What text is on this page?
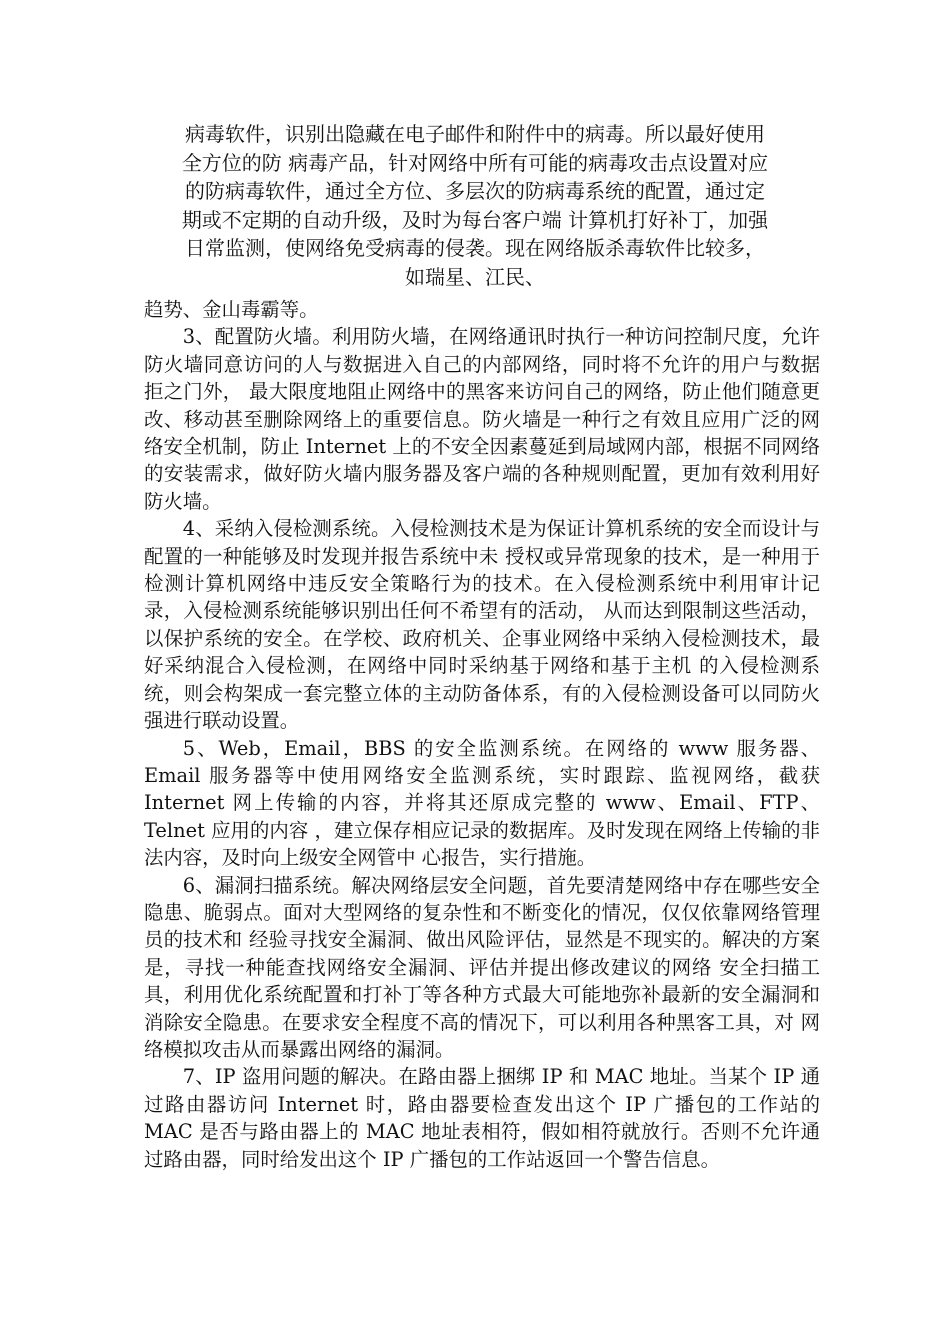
病毒软件，识别出隐藏在电子邮件和附件中的病毒。所以最好使用
全方位的防 病毒产品，针对网络中所有可能的病毒攻击点设置对应
的防病毒软件，通过全方位、多层次的防病毒系统的配置，通过定
期或不定期的自动升级，及时为每台客户端 计算机打好补丁，加强
日常监测，使网络免受病毒的侵袭。现在网络版杀毒软件比较多，
如瑞星、江民、

趋势、金山毒霸等。

3、配置防火墙。利用防火墙，在网络通讯时执行一种访问控制尺度，允许防火墙同意访问的人与数据进入自己的内部网络，同时将不允许的用户与数据拒之门外， 最大限度地阻止网络中的黑客来访问自己的网络，防止他们随意更改、移动甚至删除网络上的重要信息。防火墙是一种行之有效且应用广泛的网络安全机制，防止 Internet 上的不安全因素蔓延到局域网内部，根据不同网络的安装需求，做好防火墙内服务器及客户端的各种规则配置，更加有效利用好防火墙。

4、采纳入侵检测系统。入侵检测技术是为保证计算机系统的安全而设计与配置的一种能够及时发现并报告系统中未 授权或异常现象的技术，是一种用于检测计算机网络中违反安全策略行为的技术。在入侵检测系统中利用审计记录，入侵检测系统能够识别出任何不希望有的活动， 从而达到限制这些活动，以保护系统的安全。在学校、政府机关、企事业网络中采纳入侵检测技术，最好采纳混合入侵检测，在网络中同时采纳基于网络和基于主机 的入侵检测系统，则会构架成一套完整立体的主动防备体系，有的入侵检测设备可以同防火强进行联动设置。

5、Web，Email，BBS 的安全监测系统。在网络的 www 服务器、Email 服务器等中使用网络安全监测系统，实时跟踪、监视网络，截获 Internet 网上传输的内容，并将其还原成完整的 www、Email、FTP、Telnet 应用的内容 ，建立保存相应记录的数据库。及时发现在网络上传输的非法内容，及时向上级安全网管中 心报告，实行措施。

6、漏洞扫描系统。解决网络层安全问题，首先要清楚网络中存在哪些安全隐患、脆弱点。面对大型网络的复杂性和不断变化的情况，仅仅依靠网络管理员的技术和 经验寻找安全漏洞、做出风险评估，显然是不现实的。解决的方案是，寻找一种能查找网络安全漏洞、评估并提出修改建议的网络 安全扫描工具，利用优化系统配置和打补丁等各种方式最大可能地弥补最新的安全漏洞和消除安全隐患。在要求安全程度不高的情况下，可以利用各种黑客工具，对 网络模拟攻击从而暴露出网络的漏洞。

7、IP 盗用问题的解决。在路由器上捆绑 IP 和 MAC 地址。当某个 IP 通过路由器访问 Internet 时，路由器要检查发出这个 IP 广播包的工作站的 MAC 是否与路由器上的 MAC 地址表相符，假如相符就放行。否则不允许通过路由器，同时给发出这个 IP 广播包的工作站返回一个警告信息。
